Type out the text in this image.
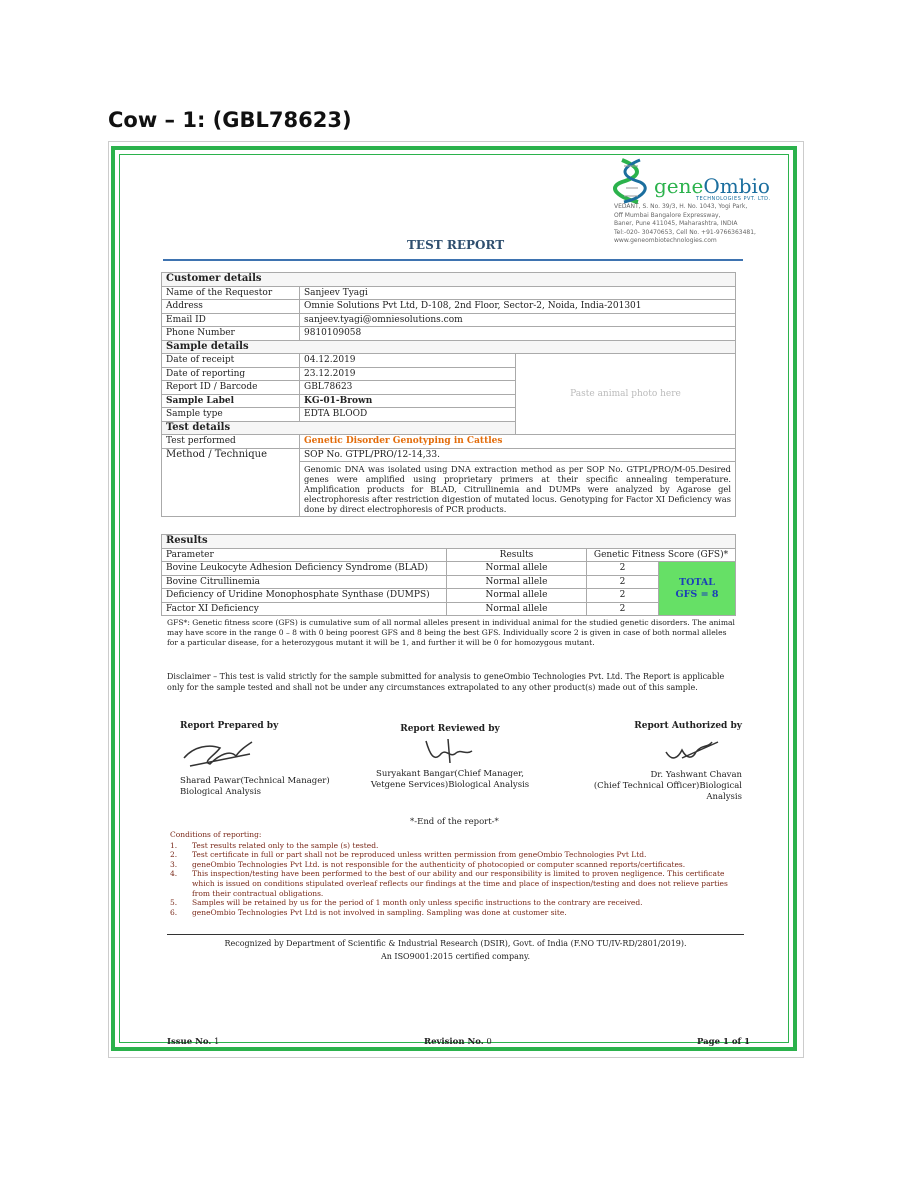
Cow – 1: (GBL78623)
geneOmbio
TECHNOLOGIES PVT. LTD.
VEDANT, S. No. 39/3, H. No. 1043, Yogi Park,
Off Mumbai Bangalore Expressway,
Baner, Pune 411045, Maharashtra, INDIA
Tel:-020- 30470653, Cell No. +91-9766363481,
www.geneombiotechnologies.com
TEST REPORT
Customer details		
Name of the Requestor	Sanjeev Tyagi	
Address	Omnie Solutions Pvt Ltd, D-108, 2nd Floor, Sector-2, Noida, India-201301	
Email ID	sanjeev.tyagi@omniesolutions.com	
Phone Number	9810109058	
Sample details		
Date of receipt	04.12.2019	Paste animal photo here
Date of reporting	23.12.2019	
Report ID / Barcode	GBL78623	
Sample Label	KG-01-Brown	
Sample type	EDTA BLOOD	
Test details		
Test performed	Genetic Disorder Genotyping in Cattles	
Method / Technique	SOP No. GTPL/PRO/12-14,33.	
	Genomic DNA was isolated using DNA extraction method as per SOP No. GTPL/PRO/M-05.Desired genes were amplified using proprietary primers at their specific annealing temperature. Amplification products for BLAD, Citrullinemia and DUMPs were analyzed by Agarose gel electrophoresis after restriction digestion of mutated locus. Genotyping for Factor XI Deficiency was done by direct electrophoresis of PCR products.	
Results			
Parameter	Results	Genetic Fitness Score (GFS)*	
Bovine Leukocyte Adhesion Deficiency Syndrome (BLAD)	Normal allele	2	TOTAL
GFS = 8

Bovine Citrullinemia	Normal allele	2	
Deficiency of Uridine Monophosphate Synthase (DUMPS)	Normal allele	2	
Factor XI Deficiency	Normal allele	2	
GFS*: Genetic fitness score (GFS) is cumulative sum of all normal alleles present in individual animal for the studied genetic disorders. The animal may have score in the range 0 – 8 with 0 being poorest GFS and 8 being the best GFS. Individually score 2 is given in case of both normal alleles for a particular disease, for a heterozygous mutant it will be 1, and further it will be 0 for homozygous mutant.
Disclaimer – This test is valid strictly for the sample submitted for analysis to geneOmbio Technologies Pvt. Ltd. The Report is applicable only for the sample tested and shall not be under any circumstances extrapolated to any other product(s) made out of this sample.
Report Prepared by
Sharad Pawar(Technical Manager)
Biological Analysis
Report Reviewed by
Suryakant Bangar(Chief Manager,
Vetgene Services)Biological Analysis
Report Authorized by
Dr. Yashwant Chavan
(Chief Technical Officer)Biological Analysis
*-End of the report-*
Conditions of reporting:
1.	Test results related only to the sample (s) tested.
2.	Test certificate in full or part shall not be reproduced unless written permission from geneOmbio Technologies Pvt Ltd.
3.	geneOmbio Technologies Pvt Ltd. is not responsible for the authenticity of photocopied or computer scanned reports/certificates.
4.	This inspection/testing have been performed to the best of our ability and our responsibility is limited to proven negligence. This certificate which is issued on conditions stipulated overleaf reflects our findings at the time and place of inspection/testing and does not relieve parties from their contractual obligations.
5.	Samples will be retained by us for the period of 1 month only unless specific instructions to the contrary are received.
6.	geneOmbio Technologies Pvt Ltd is not involved in sampling. Sampling was done at customer site.
Recognized by Department of Scientific & Industrial Research (DSIR), Govt. of India (F.NO TU/IV-RD/2801/2019).
An ISO9001:2015 certified company.
Issue No. 1	Revision No. 0	Page 1 of 1
